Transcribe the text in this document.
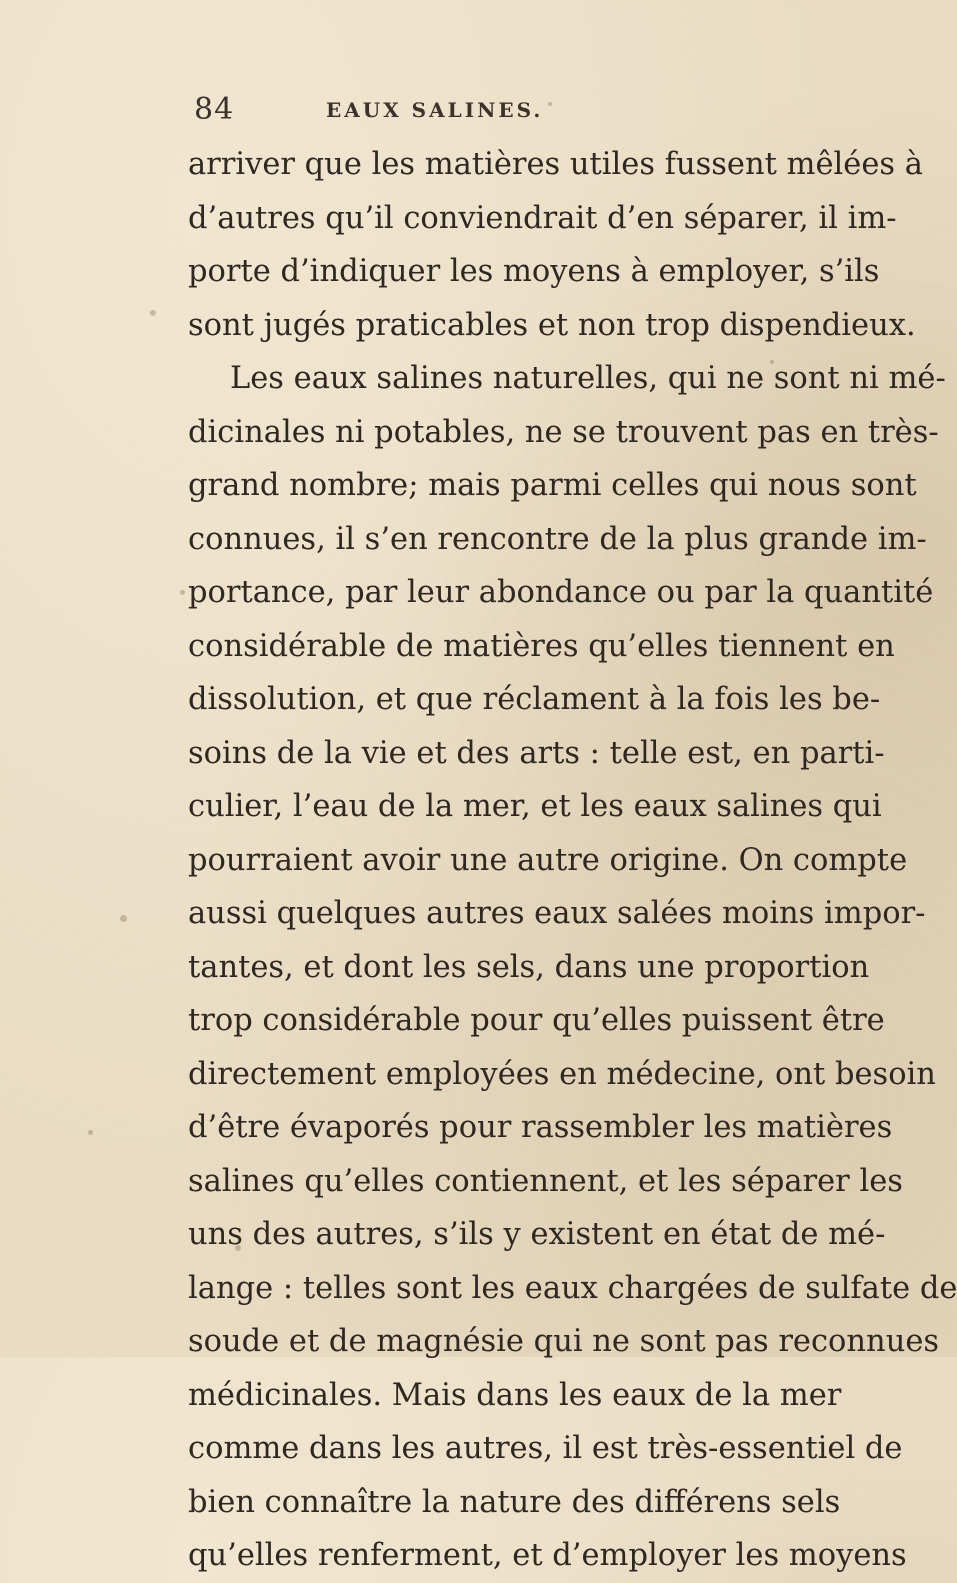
84	EAUX SALINES.
arriver que les matières utiles fussent mêlées à
d’autres qu’il conviendrait d’en séparer, il im-
porte d’indiquer les moyens à employer, s’ils
sont jugés praticables et non trop dispendieux.
Les eaux salines naturelles, qui ne sont ni mé-
dicinales ni potables, ne se trouvent pas en très-
grand nombre; mais parmi celles qui nous sont
connues, il s’en rencontre de la plus grande im-
portance, par leur abondance ou par la quantité
considérable de matières qu’elles tiennent en
dissolution, et que réclament à la fois les be-
soins de la vie et des arts : telle est, en parti-
culier, l’eau de la mer, et les eaux salines qui
pourraient avoir une autre origine. On compte
aussi quelques autres eaux salées moins impor-
tantes, et dont les sels, dans une proportion
trop considérable pour qu’elles puissent être
directement employées en médecine, ont besoin
d’être évaporés pour rassembler les matières
salines qu’elles contiennent, et les séparer les
uns des autres, s’ils y existent en état de mé-
lange : telles sont les eaux chargées de sulfate de
soude et de magnésie qui ne sont pas reconnues
médicinales. Mais dans les eaux de la mer
comme dans les autres, il est très-essentiel de
bien connaître la nature des différens sels
qu’elles renferment, et d’employer les moyens
